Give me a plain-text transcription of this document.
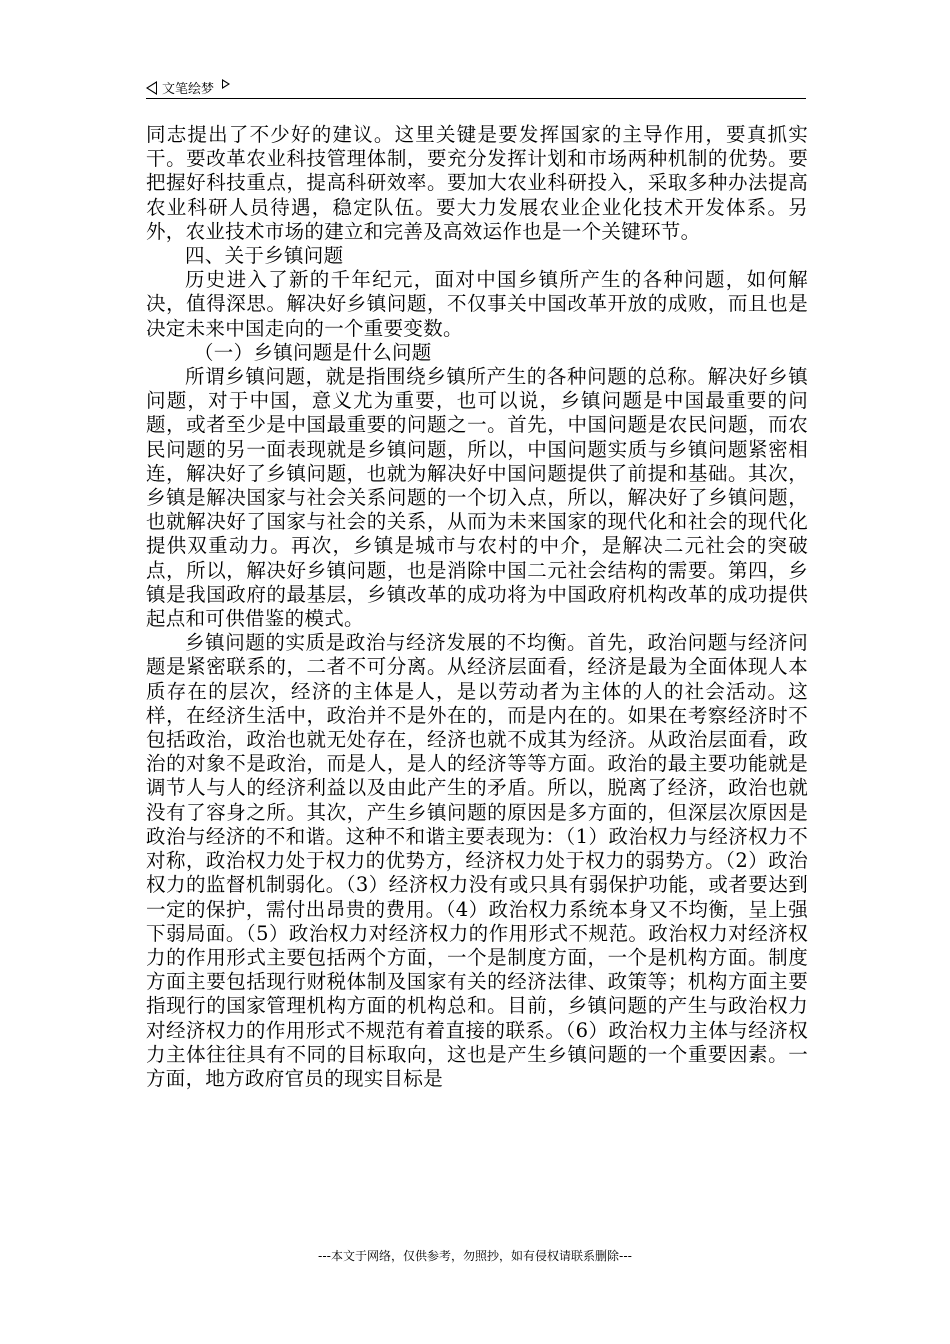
文笔绘梦

同志提出了不少好的建议。这里关键是要发挥国家的主导作用，要真抓实干。要改革农业科技管理体制，要充分发挥计划和市场两种机制的优势。要把握好科技重点，提高科研效率。要加大农业科研投入，采取多种办法提高农业科研人员待遇，稳定队伍。要大力发展农业企业化技术开发体系。另外，农业技术市场的建立和完善及高效运作也是一个关键环节。

四、关于乡镇问题

历史进入了新的千年纪元，面对中国乡镇所产生的各种问题，如何解决，值得深思。解决好乡镇问题，不仅事关中国改革开放的成败，而且也是决定未来中国走向的一个重要变数。

（一）乡镇问题是什么问题

所谓乡镇问题，就是指围绕乡镇所产生的各种问题的总称。解决好乡镇问题，对于中国，意义尤为重要，也可以说，乡镇问题是中国最重要的问题，或者至少是中国最重要的问题之一。首先，中国问题是农民问题，而农民问题的另一面表现就是乡镇问题，所以，中国问题实质与乡镇问题紧密相连，解决好了乡镇问题，也就为解决好中国问题提供了前提和基础。其次，乡镇是解决国家与社会关系问题的一个切入点，所以，解决好了乡镇问题，也就解决好了国家与社会的关系，从而为未来国家的现代化和社会的现代化提供双重动力。再次，乡镇是城市与农村的中介，是解决二元社会的突破点，所以，解决好乡镇问题，也是消除中国二元社会结构的需要。第四，乡镇是我国政府的最基层，乡镇改革的成功将为中国政府机构改革的成功提供起点和可供借鉴的模式。

乡镇问题的实质是政治与经济发展的不均衡。首先，政治问题与经济问题是紧密联系的，二者不可分离。从经济层面看，经济是最为全面体现人本质存在的层次，经济的主体是人，是以劳动者为主体的人的社会活动。这样，在经济生活中，政治并不是外在的，而是内在的。如果在考察经济时不包括政治，政治也就无处存在，经济也就不成其为经济。从政治层面看，政治的对象不是政治，而是人，是人的经济等等方面。政治的最主要功能就是调节人与人的经济利益以及由此产生的矛盾。所以，脱离了经济，政治也就没有了容身之所。其次，产生乡镇问题的原因是多方面的，但深层次原因是政治与经济的不和谐。这种不和谐主要表现为：（1）政治权力与经济权力不对称，政治权力处于权力的优势方，经济权力处于权力的弱势方。（2）政治权力的监督机制弱化。（3）经济权力没有或只具有弱保护功能，或者要达到一定的保护，需付出昂贵的费用。（4）政治权力系统本身又不均衡，呈上强下弱局面。（5）政治权力对经济权力的作用形式不规范。政治权力对经济权力的作用形式主要包括两个方面，一个是制度方面，一个是机构方面。制度方面主要包括现行财税体制及国家有关的经济法律、政策等；机构方面主要指现行的国家管理机构方面的机构总和。目前，乡镇问题的产生与政治权力对经济权力的作用形式不规范有着直接的联系。（6）政治权力主体与经济权力主体往往具有不同的目标取向，这也是产生乡镇问题的一个重要因素。一方面，地方政府官员的现实目标是

---本文于网络，仅供参考，勿照抄，如有侵权请联系删除---
